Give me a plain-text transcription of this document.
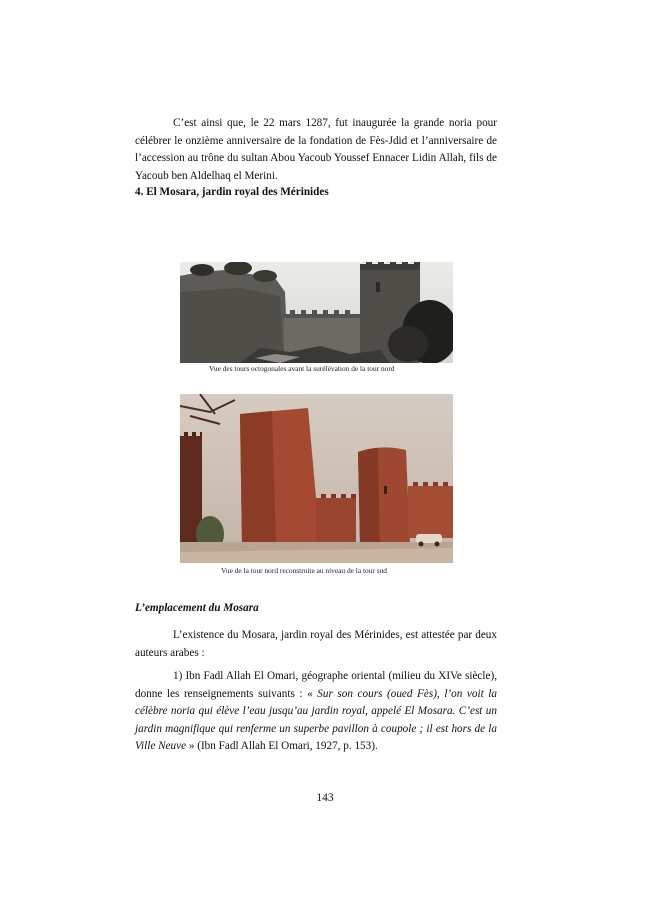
C’est ainsi que, le 22 mars 1287, fut inaugurée la grande noria pour célébrer le onzième anniversaire de la fondation de Fès-Jdid et l’anniversaire de l’accession au trône du sultan Abou Yacoub Youssef Ennacer Lidin Allah, fils de Yacoub ben Aldelhaq el Merini.

4. El Mosara, jardin royal des Mérinides

Vue des tours octogonales avant la surélévation de la tour nord

Vue de la tour nord reconstruite au niveau de la tour sud

L’emplacement du Mosara

L’existence du Mosara, jardin royal des Mérinides, est attestée par deux auteurs arabes :

1) Ibn Fadl Allah El Omari, géographe oriental (milieu du XIVe siècle), donne les renseignements suivants : « Sur son cours (oued Fès), l’on voit la célèbre noria qui élève l’eau jusqu’au jardin royal, appelé El Mosara. C’est un jardin magnifique qui renferme un superbe pavillon à coupole ; il est hors de la Ville Neuve » (Ibn Fadl Allah El Omari, 1927, p. 153).

143
